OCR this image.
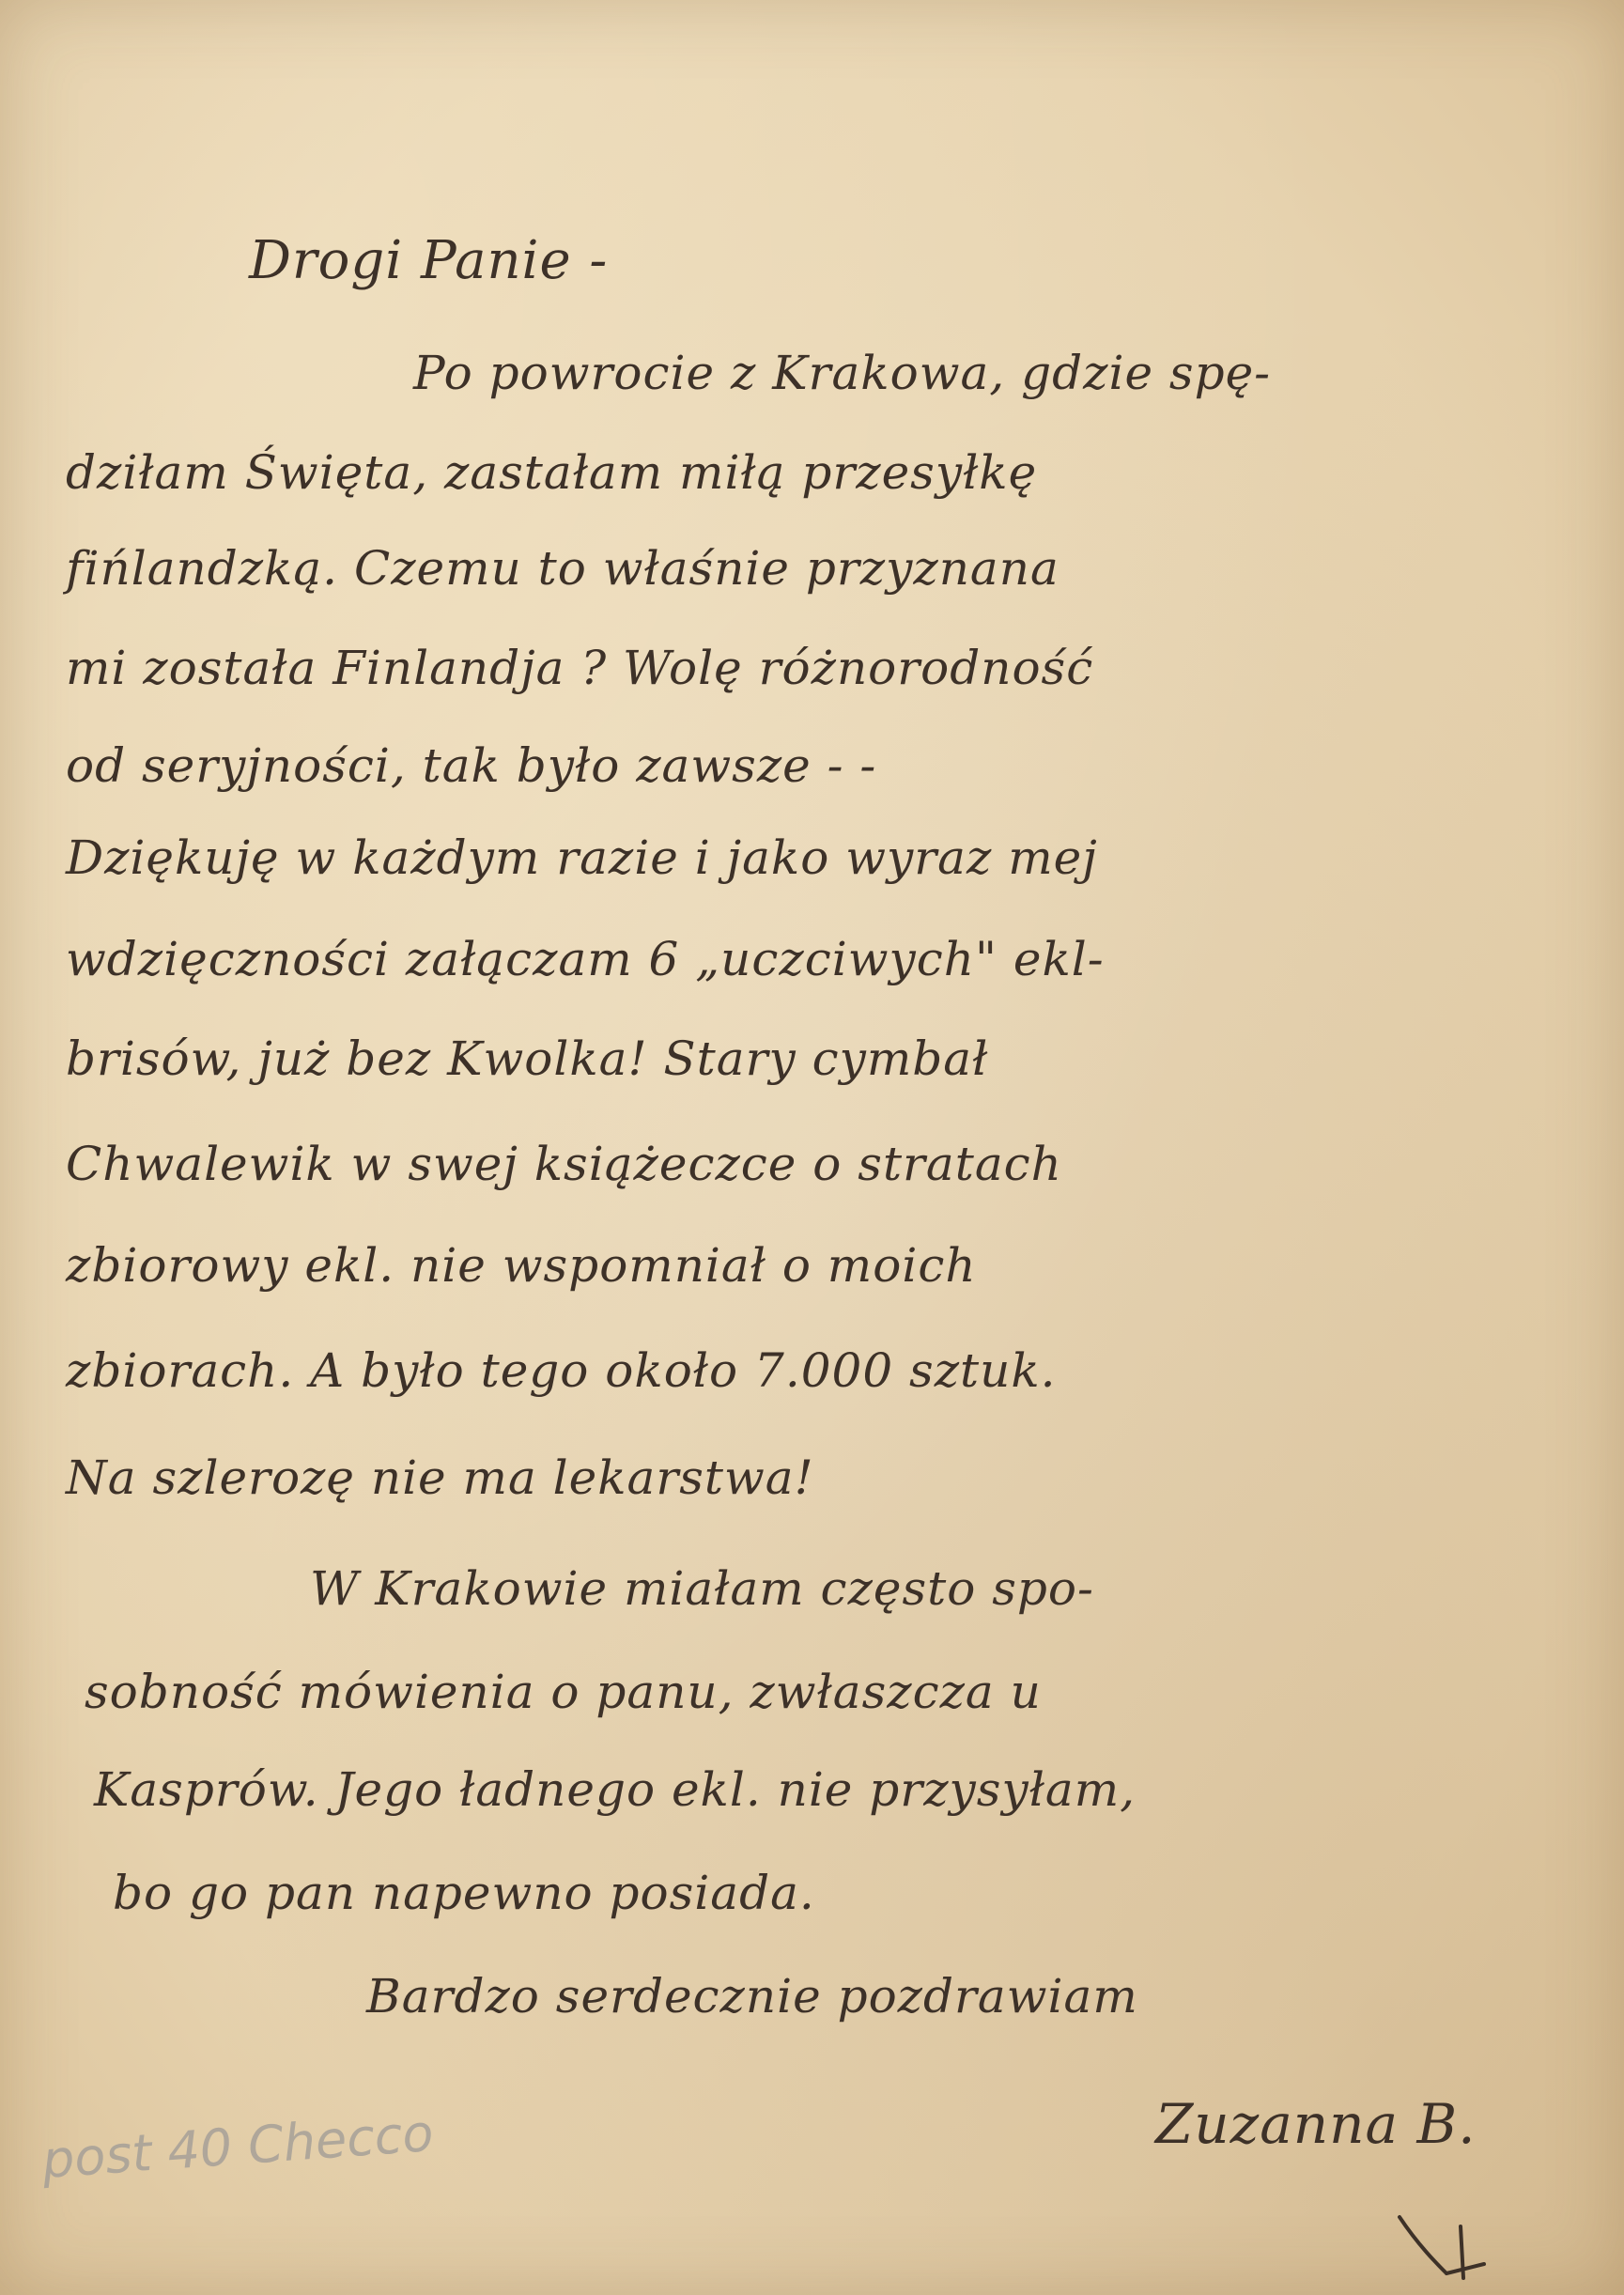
Drogi Panie -

Po powrocie z Krakowa, gdzie spę-

dziłam Święta, zastałam miłą przesyłkę

fińlandzką. Czemu to właśnie przyznana

mi została Finlandja ? Wolę różnorodność

od seryjności, tak było zawsze - -

Dziękuję w każdym razie i jako wyraz mej

wdzięczności załączam 6 „uczciwych" ekl-

brisów, już bez Kwolka! Stary cymbał

Chwalewik w swej książeczce o stratach

zbiorowy ekl. nie wspomniał o moich

zbiorach. A było tego około 7.000 sztuk.

Na szlerozę nie ma lekarstwa!

W Krakowie miałam często spo-

sobność mówienia o panu, zwłaszcza u

Kasprów. Jego ładnego ekl. nie przysyłam,

bo go pan napewno posiada.

Bardzo serdecznie pozdrawiam

Zuzanna B.

post 40 Checco
